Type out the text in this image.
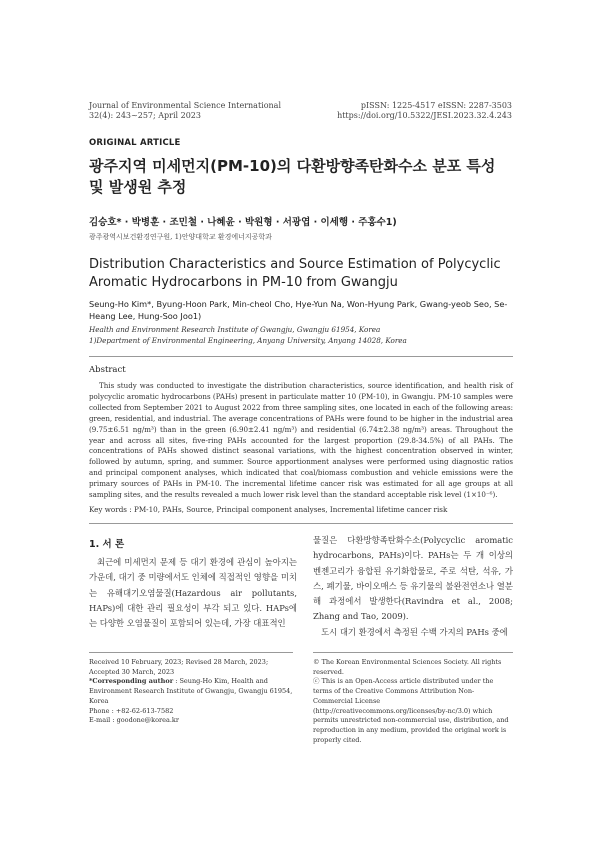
Journal of Environmental Science International
32(4): 243~257; April 2023
pISSN: 1225-4517 eISSN: 2287-3503
https://doi.org/10.5322/JESI.2023.32.4.243
ORIGINAL ARTICLE
광주지역 미세먼지(PM-10)의 다환방향족탄화수소 분포 특성 및 발생원 추정
김승호* · 박병훈 · 조민철 · 나혜윤 · 박원형 · 서광엽 · 이세행 · 주홍수1)
광주광역시보건환경연구원, 1)안양대학교 환경에너지공학과
Distribution Characteristics and Source Estimation of Polycyclic Aromatic Hydrocarbons in PM-10 from Gwangju
Seung-Ho Kim*, Byung-Hoon Park, Min-cheol Cho, Hye-Yun Na, Won-Hyung Park, Gwang-yeob Seo, Se-Heang Lee, Hung-Soo Joo1)
Health and Environment Research Institute of Gwangju, Gwangju 61954, Korea
1)Department of Environmental Engineering, Anyang University, Anyang 14028, Korea
Abstract
This study was conducted to investigate the distribution characteristics, source identification, and health risk of polycyclic aromatic hydrocarbons (PAHs) present in particulate matter 10 (PM-10), in Gwangju. PM-10 samples were collected from September 2021 to August 2022 from three sampling sites, one located in each of the following areas: green, residential, and industrial. The average concentrations of PAHs were found to be higher in the industrial area (9.75±6.51 ng/m³) than in the green (6.90±2.41 ng/m³) and residential (6.74±2.38 ng/m³) areas. Throughout the year and across all sites, five-ring PAHs accounted for the largest proportion (29.8-34.5%) of all PAHs. The concentrations of PAHs showed distinct seasonal variations, with the highest concentration observed in winter, followed by autumn, spring, and summer. Source apportionment analyses were performed using diagnostic ratios and principal component analyses, which indicated that coal/biomass combustion and vehicle emissions were the primary sources of PAHs in PM-10. The incremental lifetime cancer risk was estimated for all age groups at all sampling sites, and the results revealed a much lower risk level than the standard acceptable risk level (1×10⁻⁶).
Key words : PM-10, PAHs, Source, Principal component analyses, Incremental lifetime cancer risk
1. 서 론
최근에 미세먼지 문제 등 대기 환경에 관심이 높아지는 가운데, 대기 중 미량에서도 인체에 직접적인 영향을 미치는 유해대기오염물질(Hazardous air pollutants, HAPs)에 대한 관리 필요성이 부각 되고 있다. HAPs에는 다양한 오염물질이 포함되어 있는데, 가장 대표적인

물질은 다환방향족탄화수소(Polycyclic aromatic hydrocarbons, PAHs)이다. PAHs는 두 개 이상의 벤젠고리가 융합된 유기화합물로, 주로 석탄, 석유, 가스, 폐기물, 바이오매스 등 유기물의 불완전연소나 열분해 과정에서 발생한다(Ravindra et al., 2008; Zhang and Tao, 2009).

도시 대기 환경에서 측정된 수백 가지의 PAHs 중에

Received 10 February, 2023; Revised 28 March, 2023;
Accepted 30 March, 2023
*Corresponding author : Seung-Ho Kim, Health and Environment Research Institute of Gwangju, Gwangju 61954, Korea
Phone : +82-62-613-7582
E-mail : goodone@korea.kr
© The Korean Environmental Sciences Society. All rights reserved.
ⓒ This is an Open-Access article distributed under the terms of the Creative Commons Attribution Non-Commercial License (http://creativecommons.org/licenses/by-nc/3.0) which permits unrestricted non-commercial use, distribution, and reproduction in any medium, provided the original work is properly cited.
